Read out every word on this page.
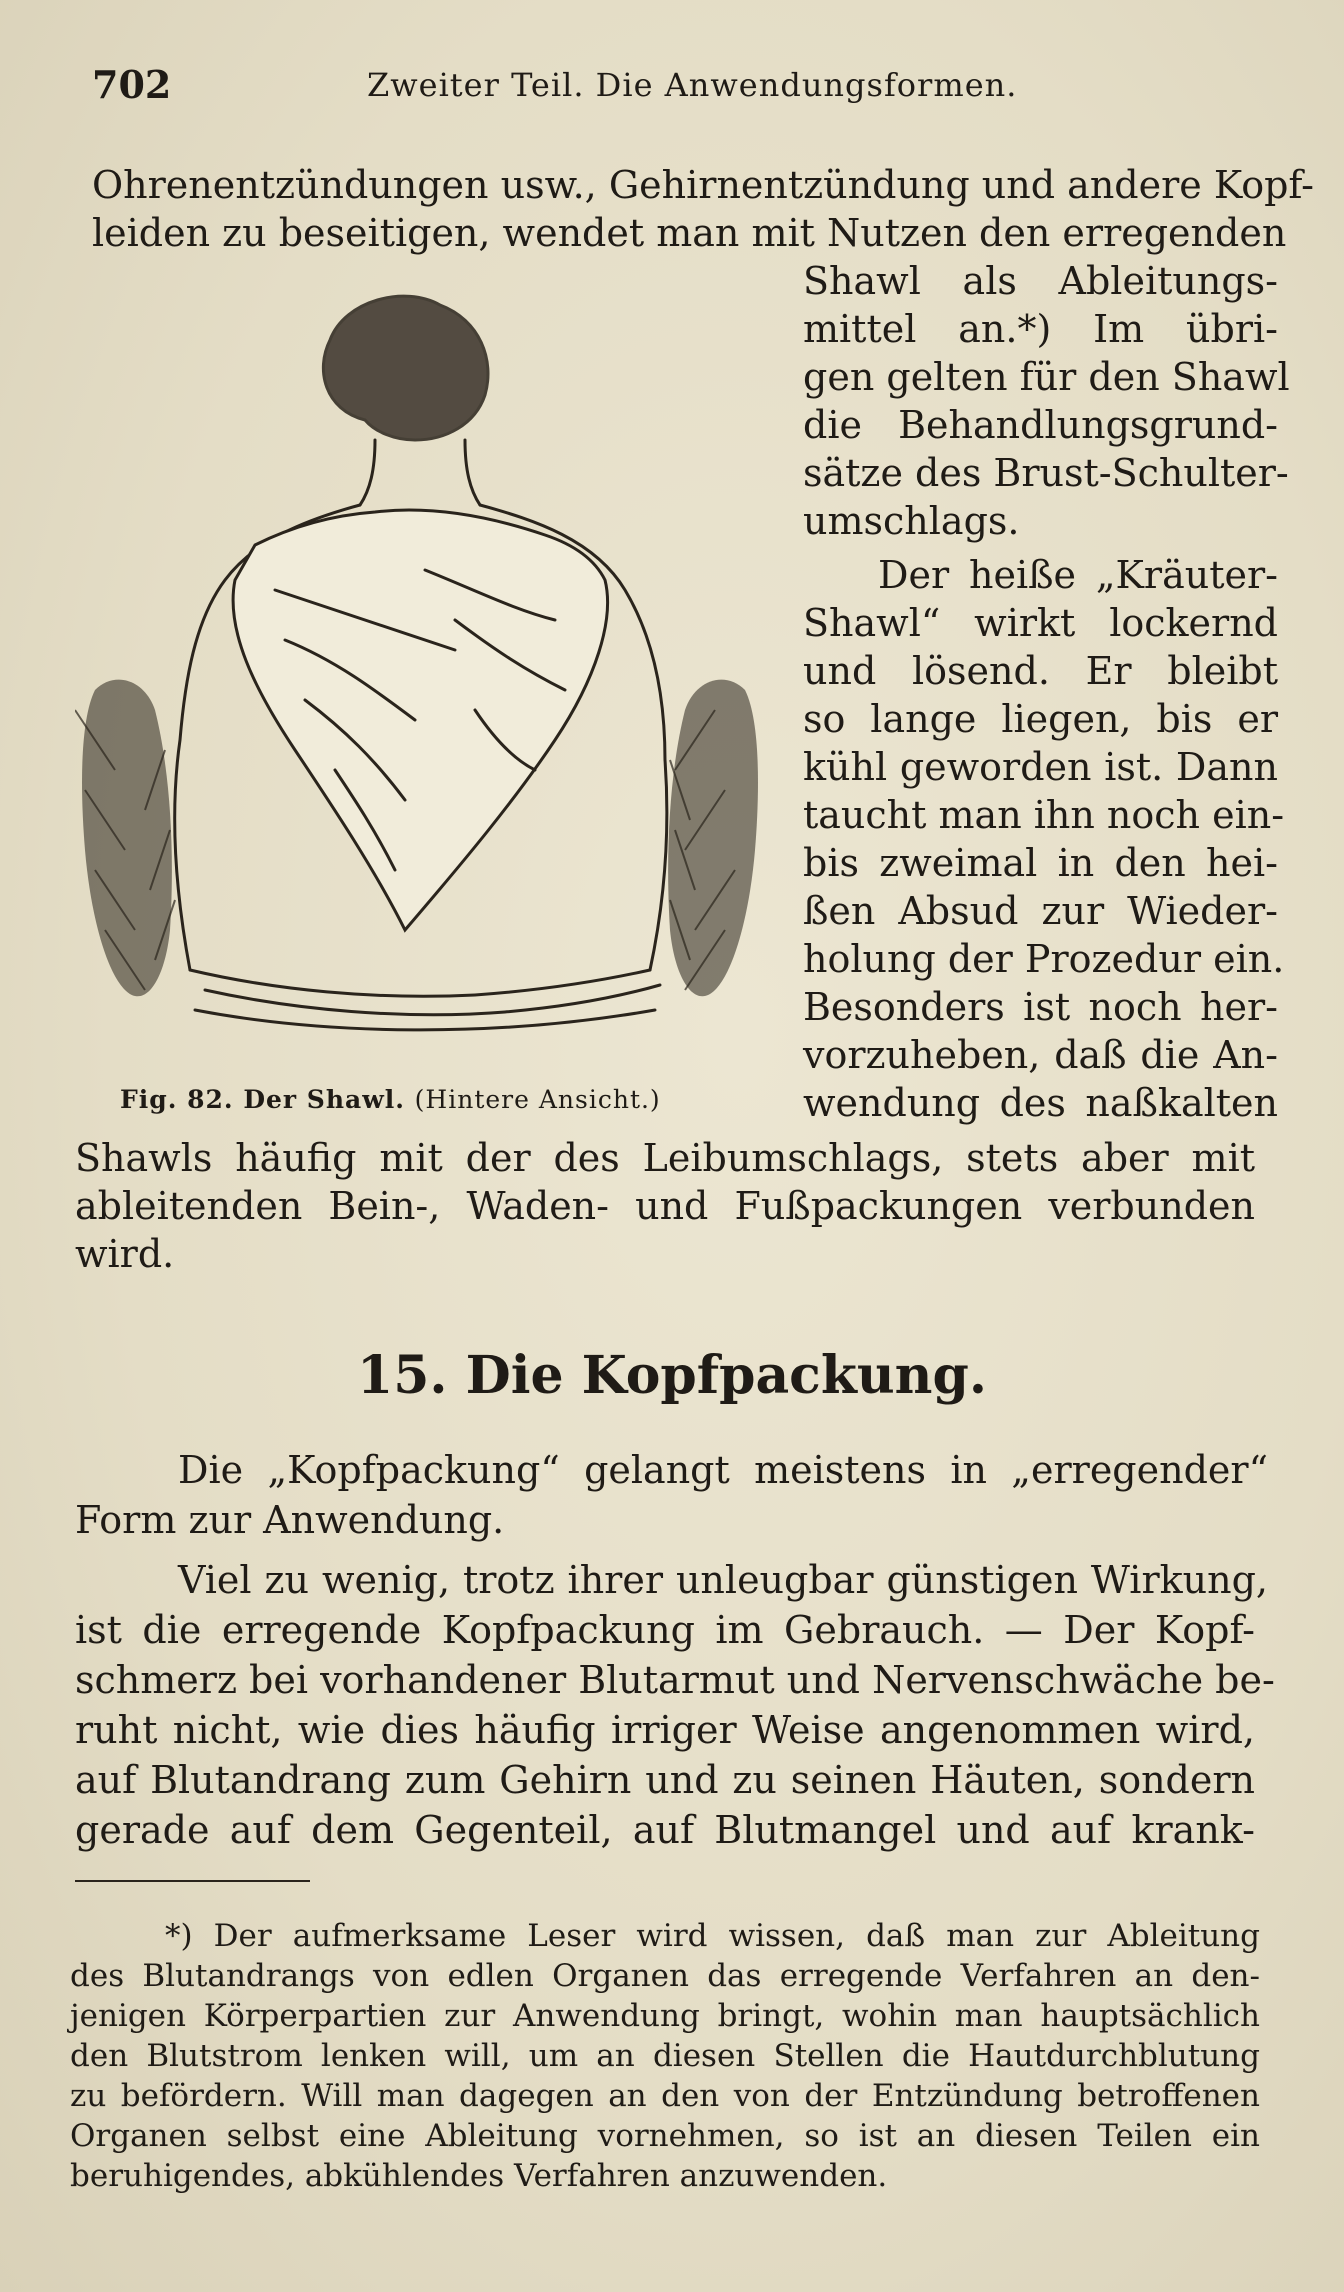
702	Zweiter Teil. Die Anwendungsformen.
Ohrenentzündungen usw., Gehirnentzündung und andere Kopf-
leiden zu beseitigen, wendet man mit Nutzen den erregenden
Shawl als Ableitungs-
mittel an.*) Im übri-
gen gelten für den Shawl
die Behandlungsgrund-
sätze des Brust-Schulter-
umschlags.
Der heiße „Kräuter-
Shawl“ wirkt lockernd
und lösend. Er bleibt
so lange liegen, bis er
kühl geworden ist. Dann
taucht man ihn noch ein-
bis zweimal in den hei-
ßen Absud zur Wieder-
holung der Prozedur ein.
Besonders ist noch her-
vorzuheben, daß die An-
wendung des naßkalten
Fig. 82. Der Shawl. (Hintere Ansicht.)
Shawls häufig mit der des Leibumschlags, stets aber mit
ableitenden Bein-, Waden- und Fußpackungen verbunden
wird.
15. Die Kopfpackung.
Die „Kopfpackung“ gelangt meistens in „erregender“
Form zur Anwendung.
Viel zu wenig, trotz ihrer unleugbar günstigen Wirkung,
ist die erregende Kopfpackung im Gebrauch. — Der Kopf-
schmerz bei vorhandener Blutarmut und Nervenschwäche be-
ruht nicht, wie dies häufig irriger Weise angenommen wird,
auf Blutandrang zum Gehirn und zu seinen Häuten, sondern
gerade auf dem Gegenteil, auf Blutmangel und auf krank-
*) Der aufmerksame Leser wird wissen, daß man zur Ableitung
des Blutandrangs von edlen Organen das erregende Verfahren an den-
jenigen Körperpartien zur Anwendung bringt, wohin man hauptsächlich
den Blutstrom lenken will, um an diesen Stellen die Hautdurchblutung
zu befördern. Will man dagegen an den von der Entzündung betroffenen
Organen selbst eine Ableitung vornehmen, so ist an diesen Teilen ein
beruhigendes, abkühlendes Verfahren anzuwenden.
